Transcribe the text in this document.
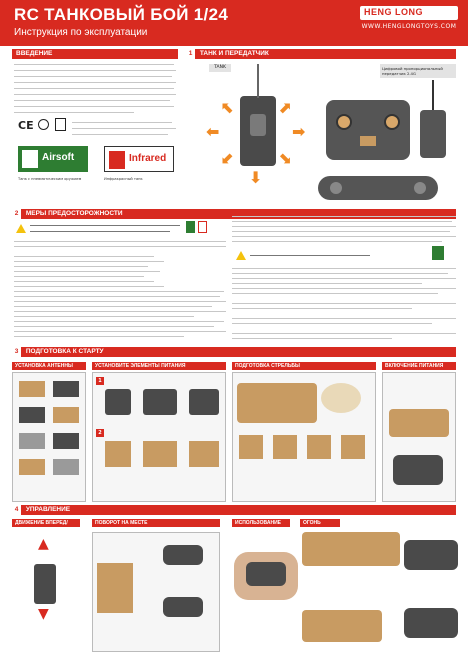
RC ТАНКОВЫЙ БОЙ 1/24
Инструкция по эксплуатации
HENG LONG
WWW.HENGLONGTOYS.COM
ВВЕДЕНИЕ
CE
Airsoft	Infrared
Танк с пневматическим оружием	Инфракрасный танк
1 ТАНК И ПЕРЕДАТЧИК
TANK
⬉	⬈
⬋	⬊
⬇
⬅	➡
Цифровой пропорциональный передатчик 2.4G
2 МЕРЫ ПРЕДОСТОРОЖНОСТИ
3 ПОДГОТОВКА К СТАРТУ
УСТАНОВКА АНТЕННЫ	УСТАНОВИТЕ ЭЛЕМЕНТЫ ПИТАНИЯ
1
2
ПОДГОТОВКА СТРЕЛЬБЫ	ВКЛЮЧЕНИЕ ПИТАНИЯ
4 УПРАВЛЕНИЕ
ДВИЖЕНИЕ ВПЕРЕД/НАЗАД
▲
▼
ПОВОРОТ НА МЕСТЕ	ИСПОЛЬЗОВАНИЕ ПЕРЕДАТЧИКА
ОГОНЬ
